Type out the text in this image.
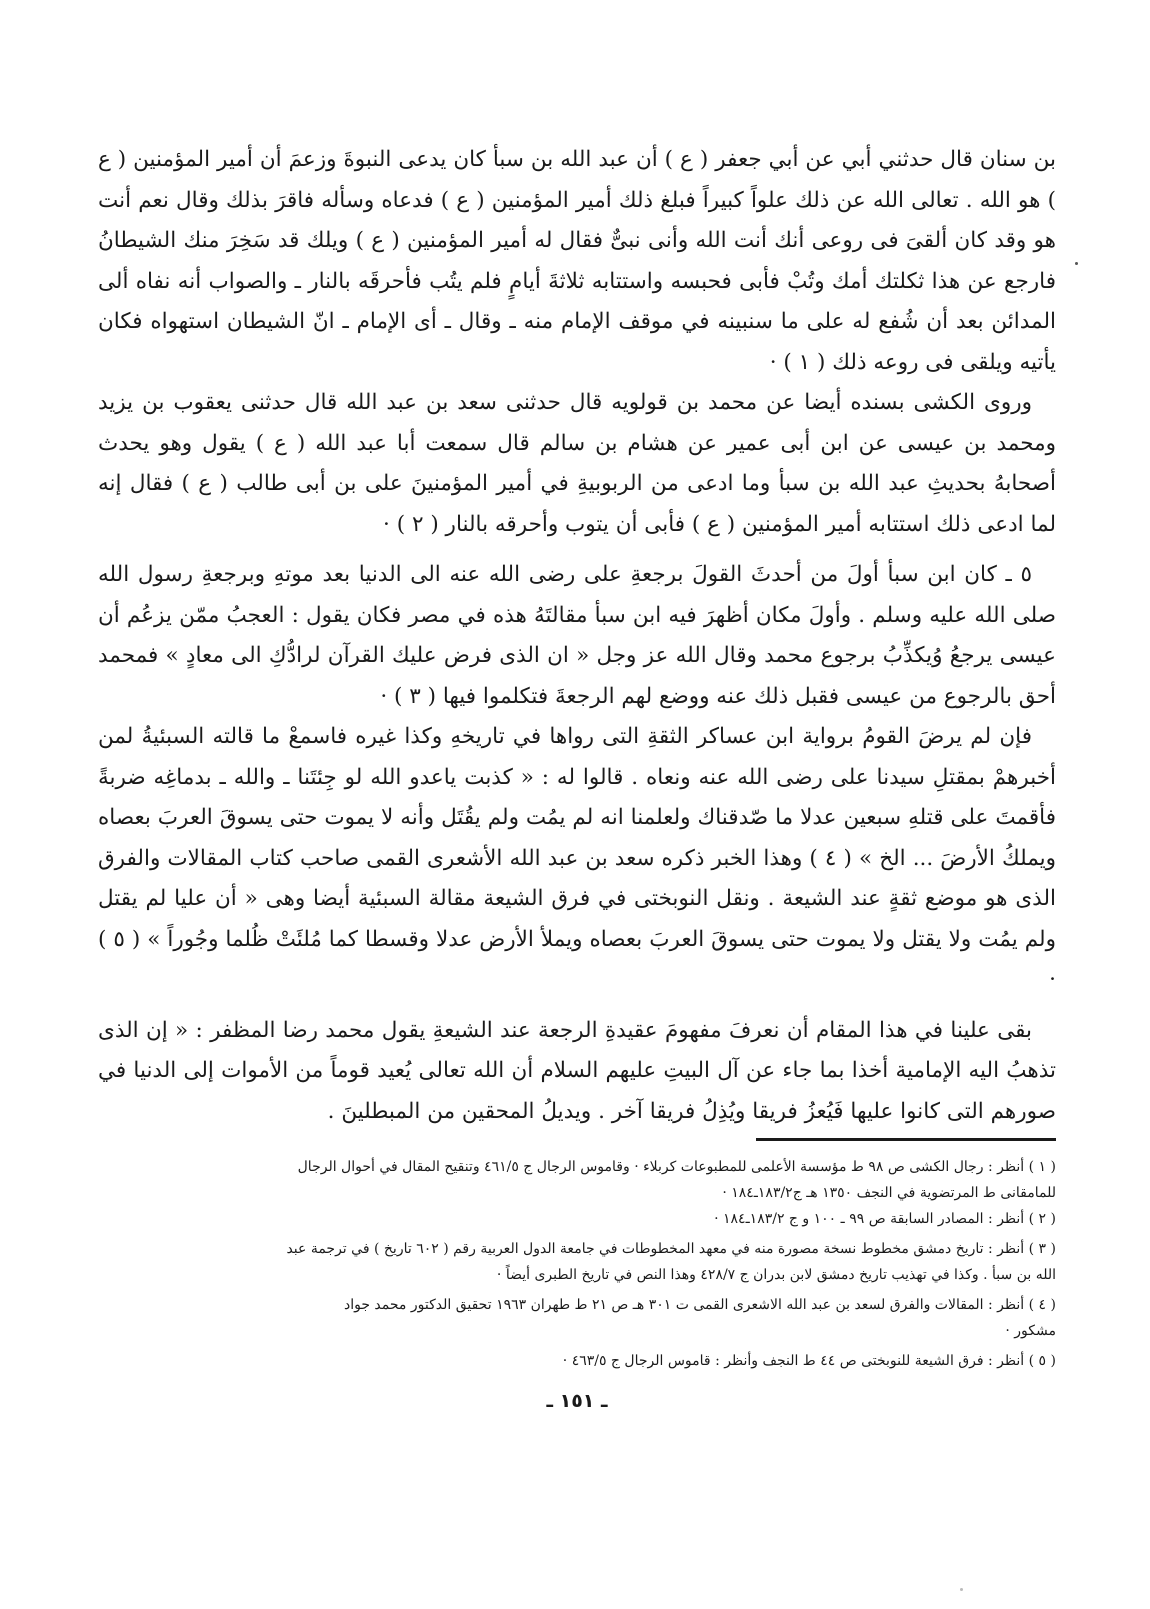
بن سنان قال حدثني أبي عن أبي جعفر ( ع ) أن عبد الله بن سبأ كان يدعى النبوةَ وزعمَ أن أمير المؤمنين ( ع ) هو الله . تعالى الله عن ذلك علواً كبيراً فبلغ ذلك أمير المؤمنين ( ع ) فدعاه وسأله فاقرَ بذلك وقال نعم أنت هو وقد كان ألقىَ فى روعى أنك أنت الله وأنى نبىٌّ فقال له أمير المؤمنين ( ع ) ويلك قد سَخِرَ منك الشيطانُ فارجع عن هذا ثكلتك أمك وتُبْ فأبى فحبسه واستتابه ثلاثةَ أيامٍ فلم يتُب فأحرقَه بالنار ـ والصواب أنه نفاه ألى المدائن بعد أن شُفع له على ما سنبينه في موقف الإمام منه ـ وقال ـ أى الإمام ـ انّ الشيطان استهواه فكان يأتيه ويلقى فى روعه ذلك ( ١ ) ·

وروى الكشى بسنده أيضا عن محمد بن قولويه قال حدثنى سعد بن عبد الله قال حدثنى يعقوب بن يزيد ومحمد بن عيسى عن ابن أبى عمير عن هشام بن سالم قال سمعت أبا عبد الله ( ع ) يقول وهو يحدث أصحابهُ بحديثِ عبد الله بن سبأ وما ادعى من الربوبيةِ في أمير المؤمنينَ على بن أبى طالب ( ع ) فقال إنه لما ادعى ذلك استتابه أمير المؤمنين ( ع ) فأبى أن يتوب وأحرقه بالنار ( ٢ ) ·

٥ ـ كان ابن سبأ أولَ من أحدثَ القولَ برجعةِ على رضى الله عنه الى الدنيا بعد موتهِ وبرجعةِ رسول الله صلى الله عليه وسلم . وأولَ مكان أظهرَ فيه ابن سبأ مقالتَهُ هذه في مصر فكان يقول : العجبُ ممّن يزعُم أن عيسى يرجعُ وُيكذِّبُ برجوع محمد وقال الله عز وجل « ان الذى فرض عليك القرآن لرادُّكِ الى معادٍ » فمحمد أحق بالرجوع من عيسى فقبل ذلك عنه ووضع لهم الرجعةَ فتكلموا فيها ( ٣ ) ·

فإن لم يرضَ القومُ برواية ابن عساكر الثقةِ التى رواها في تاريخهِ وكذا غيره فاسمعْ ما قالته السبئيةُ لمن أخبرهمْ بمقتلِ سيدنا على رضى الله عنه ونعاه . قالوا له : « كذبت ياعدو الله لو جِئتَنا ـ والله ـ بدماغِه ضربةً فأقمتَ على قتلهِ سبعين عدلا ما صّدقناك ولعلمنا انه لم يمُت ولم يقُتَل وأنه لا يموت حتى يسوقَ العربَ بعصاه ويملكُ الأرضَ ... الخ » ( ٤ ) وهذا الخبر ذكره سعد بن عبد الله الأشعرى القمى صاحب كتاب المقالات والفرق الذى هو موضع ثقةٍ عند الشيعة . ونقل النوبختى في فرق الشيعة مقالة السبئية أيضا وهى « أن عليا لم يقتل ولم يمُت ولا يقتل ولا يموت حتى يسوقَ العربَ بعصاه ويملأ الأرض عدلا وقسطا كما مُلئَتْ ظُلما وجُوراً » ( ٥ ) ·

بقى علينا في هذا المقام أن نعرفَ مفهومَ عقيدةِ الرجعة عند الشيعةِ يقول محمد رضا المظفر : « إن الذى تذهبُ اليه الإمامية أخذا بما جاء عن آل البيتِ عليهم السلام أن الله تعالى يُعيد قوماً من الأموات إلى الدنيا في صورهم التى كانوا عليها فَيُعزُ فريقا ويُذِلُ فريقا آخر . ويديلُ المحقين من المبطلينَ .

( ١ ) أنظر : رجال الكشى ص ٩٨ ط مؤسسة الأعلمى للمطبوعات كربلاء · وقاموس الرجال ج ٤٦١/٥ وتنقيح المقال في أحوال الرجال

للمامقانى ط المرتضوية في النجف ١٣٥٠ هـ ج١٨٣/٢ـ١٨٤ ·

( ٢ ) أنظر : المصادر السابقة ص ٩٩ ـ ١٠٠ و ج ١٨٣/٢ـ١٨٤ ·

( ٣ ) أنظر : تاريخ دمشق مخطوط نسخة مصورة منه في معهد المخطوطات في جامعة الدول العربية رقم ( ٦٠٢ تاريخ ) في ترجمة عبد

الله بن سبأ . وكذا في تهذيب تاريخ دمشق لابن بدران ج ٤٢٨/٧ وهذا النص في تاريخ الطبرى أيضاً ·

( ٤ ) أنظر : المقالات والفرق لسعد بن عبد الله الاشعرى القمى ت ٣٠١ هـ ص ٢١ ط طهران ١٩٦٣ تحقيق الدكتور محمد جواد

مشكور ·

( ٥ ) أنظر : فرق الشيعة للنوبختى ص ٤٤ ط النجف وأنظر : قاموس الرجال ج ٤٦٣/٥ ·

ـ ١٥١ ـ
